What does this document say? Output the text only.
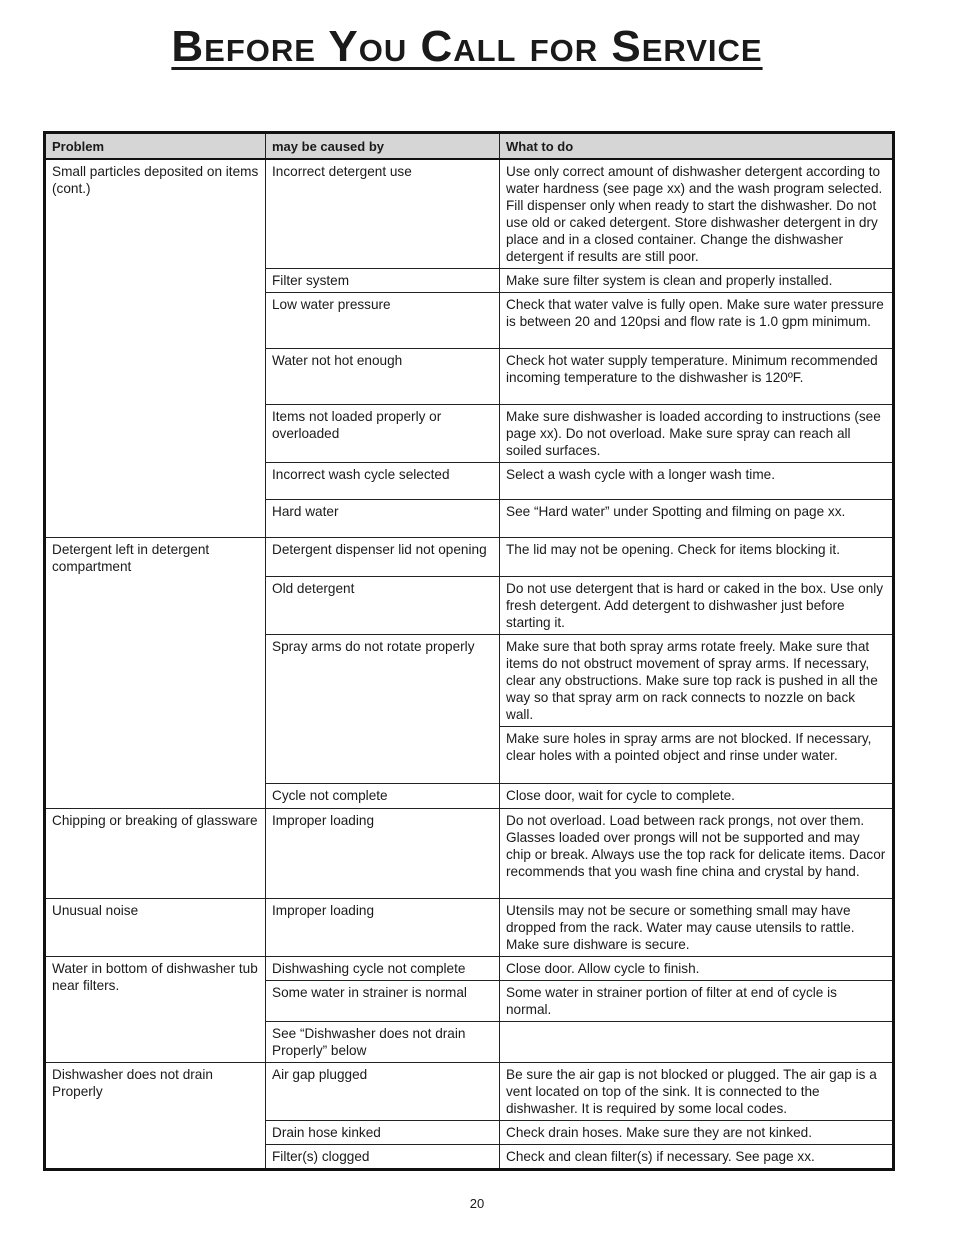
Before You Call for Service
Problem	may be caused by	What to do
Small particles deposited on items (cont.)	Incorrect detergent use	Use only correct amount of dishwasher detergent according to water hardness (see page xx) and the wash program selected. Fill dispenser only when ready to start the dishwasher. Do not use old or caked detergent. Store dishwasher detergent in dry place and in a closed container. Change the dishwasher detergent if results are still poor.
	Filter system	Make sure filter system is clean and properly installed.
	Low water pressure	Check that water valve is fully open. Make sure water pressure is between 20 and 120psi and flow rate is 1.0 gpm minimum.
	Water not hot enough	Check hot water supply temperature. Minimum recommended incoming temperature to the dishwasher is 120ºF.
	Items not loaded properly or overloaded	Make sure dishwasher is loaded according to instructions (see page xx). Do not overload. Make sure spray can reach all soiled surfaces.
	Incorrect wash cycle selected	Select a wash cycle with a longer wash time.
	Hard water	See “Hard water” under Spotting and filming on page xx.
Detergent left in detergent compartment	Detergent dispenser lid not opening	The lid may not be opening. Check for items blocking it.
	Old detergent	Do not use detergent that is hard or caked in the box. Use only fresh detergent. Add detergent to dishwasher just before starting it.
	Spray arms do not rotate properly	Make sure that both spray arms rotate freely. Make sure that items do not obstruct movement of spray arms. If necessary, clear any obstructions. Make sure top rack is pushed in all the way so that spray arm on rack connects to nozzle on back wall.
		Make sure holes in spray arms are not blocked. If necessary, clear holes with a pointed object and rinse under water.
	Cycle not complete	Close door, wait for cycle to complete.
Chipping or breaking of glassware	Improper loading	Do not overload. Load between rack prongs, not over them. Glasses loaded over prongs will not be supported and may chip or break. Always use the top rack for delicate items. Dacor recommends that you wash fine china and crystal by hand.
Unusual noise	Improper loading	Utensils may not be secure or something small may have dropped from the rack. Water may cause utensils to rattle. Make sure dishware is secure.
Water in bottom of dishwasher tub near filters.	Dishwashing cycle not complete	Close door. Allow cycle to finish.
	Some water in strainer is normal	Some water in strainer portion of filter at end of cycle is normal.
	See “Dishwasher does not drain Properly” below	
Dishwasher does not drain Properly	Air gap plugged	Be sure the air gap is not blocked or plugged. The air gap is a vent located on top of the sink. It is connected to the dishwasher. It is required by some local codes.
	Drain hose kinked	Check drain hoses. Make sure they are not kinked.
	Filter(s) clogged	Check and clean filter(s) if necessary. See page xx.
20
